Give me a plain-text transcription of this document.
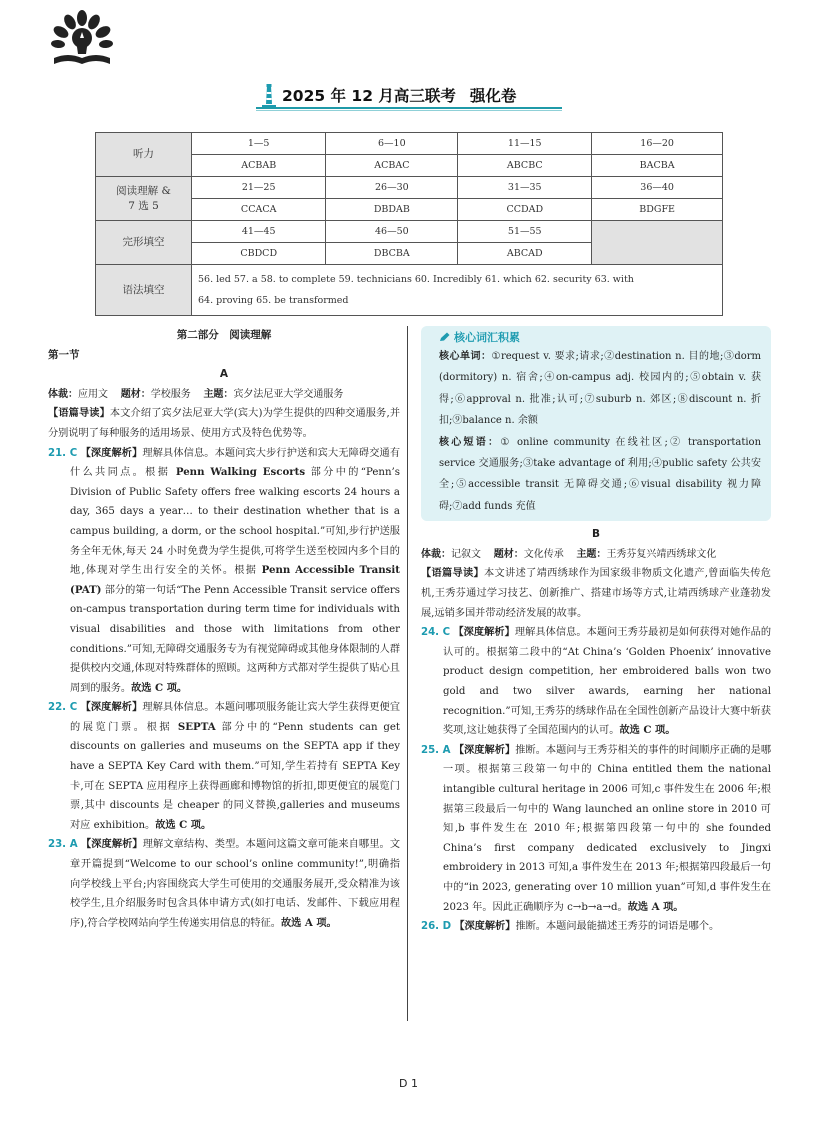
2025 年 12 月高三联考 强化卷
听力	1—5	6—10	11—15	16—20
	ACBAB	ACBAC	ABCBC	BACBA
阅读理解 &
7 选 5	21—25	26—30	31—35	36—40
	CCACA	DBDAB	CCDAD	BDGFE
完形填空	41—45	46—50	51—55	
	CBDCD	DBCBA	ABCAD	
语法填空	56. led 57. a 58. to complete 59. technicians 60. Incredibly 61. which 62. security 63. with
64. proving 65. be transformed			
第二部分　阅读理解
第一节
A
体裁：应用文 题材：学校服务 主题：宾夕法尼亚大学交通服务
【语篇导读】本文介绍了宾夕法尼亚大学(宾大)为学生提供的四种交通服务,并分别说明了每种服务的适用场景、使用方式及特色优势等。
21. C 【深度解析】理解具体信息。本题问宾大步行护送和宾大无障碍交通有什么共同点。根据 Penn Walking Escorts 部分中的“Penn’s Division of Public Safety offers free walking escorts 24 hours a day, 365 days a year… to their destination whether that is a campus building, a dorm, or the school hospital.”可知,步行护送服务全年无休,每天 24 小时免费为学生提供,可将学生送至校园内多个目的地,体现对学生出行安全的关怀。根据 Penn Accessible Transit (PAT) 部分的第一句话“The Penn Accessible Transit service offers on-campus transportation during term time for individuals with visual disabilities and those with limitations from other conditions.”可知,无障碍交通服务专为有视觉障碍或其他身体限制的人群提供校内交通,体现对特殊群体的照顾。这两种方式都对学生提供了贴心且周到的服务。故选 C 项。
22. C 【深度解析】理解具体信息。本题问哪项服务能让宾大学生获得更便宜的展览门票。根据 SEPTA 部分中的“Penn students can get discounts on galleries and museums on the SEPTA app if they have a SEPTA Key Card with them.”可知,学生若持有 SEPTA Key 卡,可在 SEPTA 应用程序上获得画廊和博物馆的折扣,即更便宜的展览门票,其中 discounts 是 cheaper 的同义替换,galleries and museums 对应 exhibition。故选 C 项。
23. A 【深度解析】理解文章结构、类型。本题问这篇文章可能来自哪里。文章开篇提到“Welcome to our school’s online community!”,明确指向学校线上平台;内容围绕宾大学生可使用的交通服务展开,受众精准为该校学生,且介绍服务时包含具体申请方式(如打电话、发邮件、下载应用程序),符合学校网站向学生传递实用信息的特征。故选 A 项。
核心词汇积累
核心单词：①request v. 要求;请求;②destination n. 目的地;③dorm (dormitory) n. 宿舍;④on-campus adj. 校园内的;⑤obtain v. 获得;⑥approval n. 批准;认可;⑦suburb n. 郊区;⑧discount n. 折扣;⑨balance n. 余额
核心短语：① online community 在线社区;② transportation service 交通服务;③take advantage of 利用;④public safety 公共安全;⑤accessible transit 无障碍交通;⑥visual disability 视力障碍;⑦add funds 充值
B
体裁：记叙文 题材：文化传承 主题：王秀芬复兴靖西绣球文化
【语篇导读】本文讲述了靖西绣球作为国家级非物质文化遗产,曾面临失传危机,王秀芬通过学习技艺、创新推广、搭建市场等方式,让靖西绣球产业蓬勃发展,远销多国并带动经济发展的故事。
24. C 【深度解析】理解具体信息。本题问王秀芬最初是如何获得对她作品的认可的。根据第二段中的“At China’s ‘Golden Phoenix’ innovative product design competition, her embroidered balls won two gold and two silver awards, earning her national recognition.”可知,王秀芬的绣球作品在全国性创新产品设计大赛中斩获奖项,这让她获得了全国范围内的认可。故选 C 项。
25. A 【深度解析】推断。本题问与王秀芬相关的事件的时间顺序正确的是哪一项。根据第三段第一句中的 China entitled them the national intangible cultural heritage in 2006 可知,c 事件发生在 2006 年;根据第三段最后一句中的 Wang launched an online store in 2010 可知,b 事件发生在 2010 年;根据第四段第一句中的 she founded China’s first company dedicated exclusively to Jingxi embroidery in 2013 可知,a 事件发生在 2013 年;根据第四段最后一句中的“in 2023, generating over 10 million yuan”可知,d 事件发生在 2023 年。因此正确顺序为 c→b→a→d。故选 A 项。
26. D 【深度解析】推断。本题问最能描述王秀芬的词语是哪个。
D 1
